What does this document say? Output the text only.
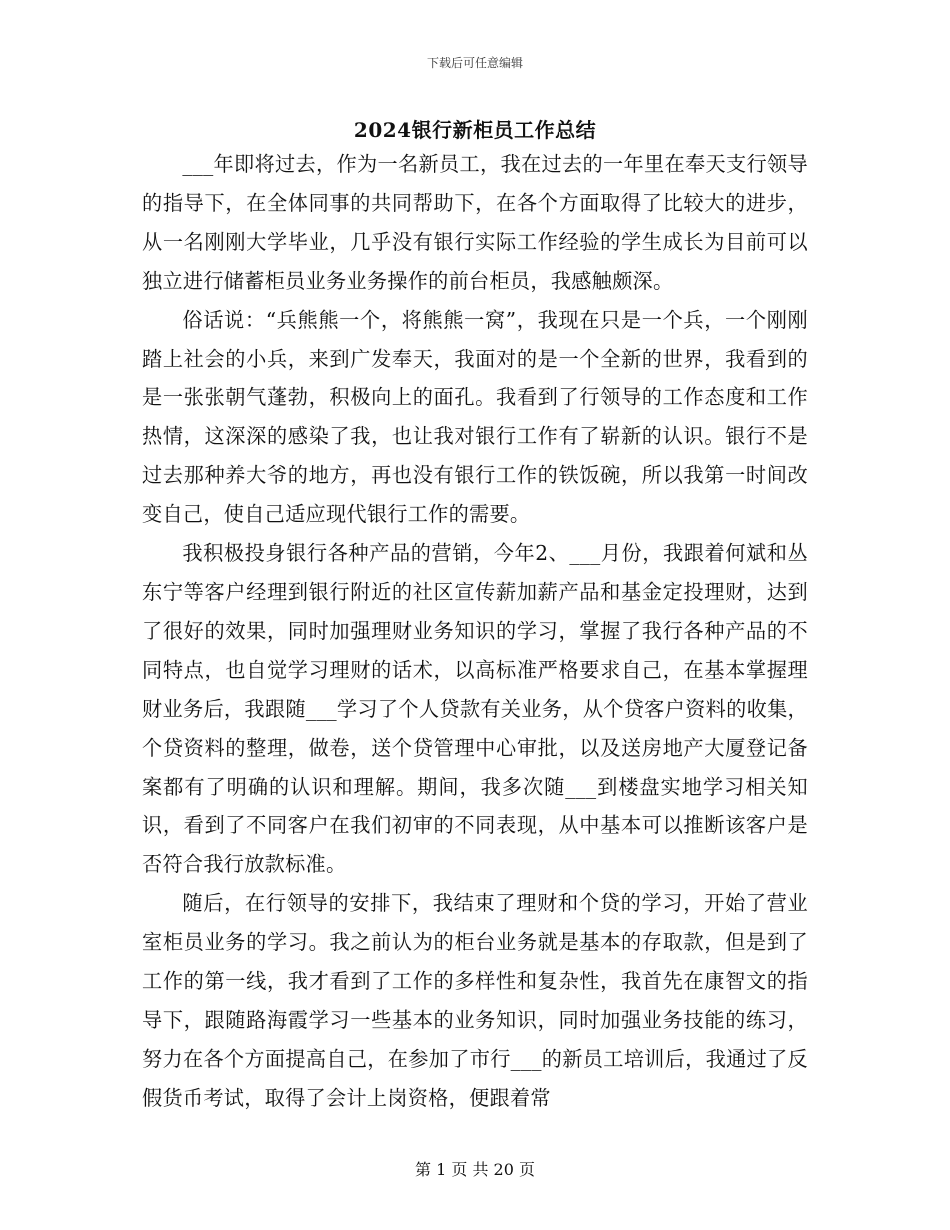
下载后可任意编辑
2024银行新柜员工作总结

___年即将过去，作为一名新员工，我在过去的一年里在奉天支行领导的指导下，在全体同事的共同帮助下，在各个方面取得了比较大的进步，从一名刚刚大学毕业，几乎没有银行实际工作经验的学生成长为目前可以独立进行储蓄柜员业务业务操作的前台柜员，我感触颇深。

俗话说：“兵熊熊一个，将熊熊一窝”，我现在只是一个兵，一个刚刚踏上社会的小兵，来到广发奉天，我面对的是一个全新的世界，我看到的是一张张朝气蓬勃，积极向上的面孔。我看到了行领导的工作态度和工作热情，这深深的感染了我，也让我对银行工作有了崭新的认识。银行不是过去那种养大爷的地方，再也没有银行工作的铁饭碗，所以我第一时间改变自己，使自己适应现代银行工作的需要。

我积极投身银行各种产品的营销，今年2、___月份，我跟着何斌和丛东宁等客户经理到银行附近的社区宣传薪加薪产品和基金定投理财，达到了很好的效果，同时加强理财业务知识的学习，掌握了我行各种产品的不同特点，也自觉学习理财的话术，以高标准严格要求自己，在基本掌握理财业务后，我跟随___学习了个人贷款有关业务，从个贷客户资料的收集，个贷资料的整理，做卷，送个贷管理中心审批，以及送房地产大厦登记备案都有了明确的认识和理解。期间，我多次随___到楼盘实地学习相关知识，看到了不同客户在我们初审的不同表现，从中基本可以推断该客户是否符合我行放款标准。

随后，在行领导的安排下，我结束了理财和个贷的学习，开始了营业室柜员业务的学习。我之前认为的柜台业务就是基本的存取款，但是到了工作的第一线，我才看到了工作的多样性和复杂性，我首先在康智文的指导下，跟随路海霞学习一些基本的业务知识，同时加强业务技能的练习，努力在各个方面提高自己，在参加了市行___的新员工培训后，我通过了反假货币考试，取得了会计上岗资格，便跟着常

第 1 页 共 20 页
